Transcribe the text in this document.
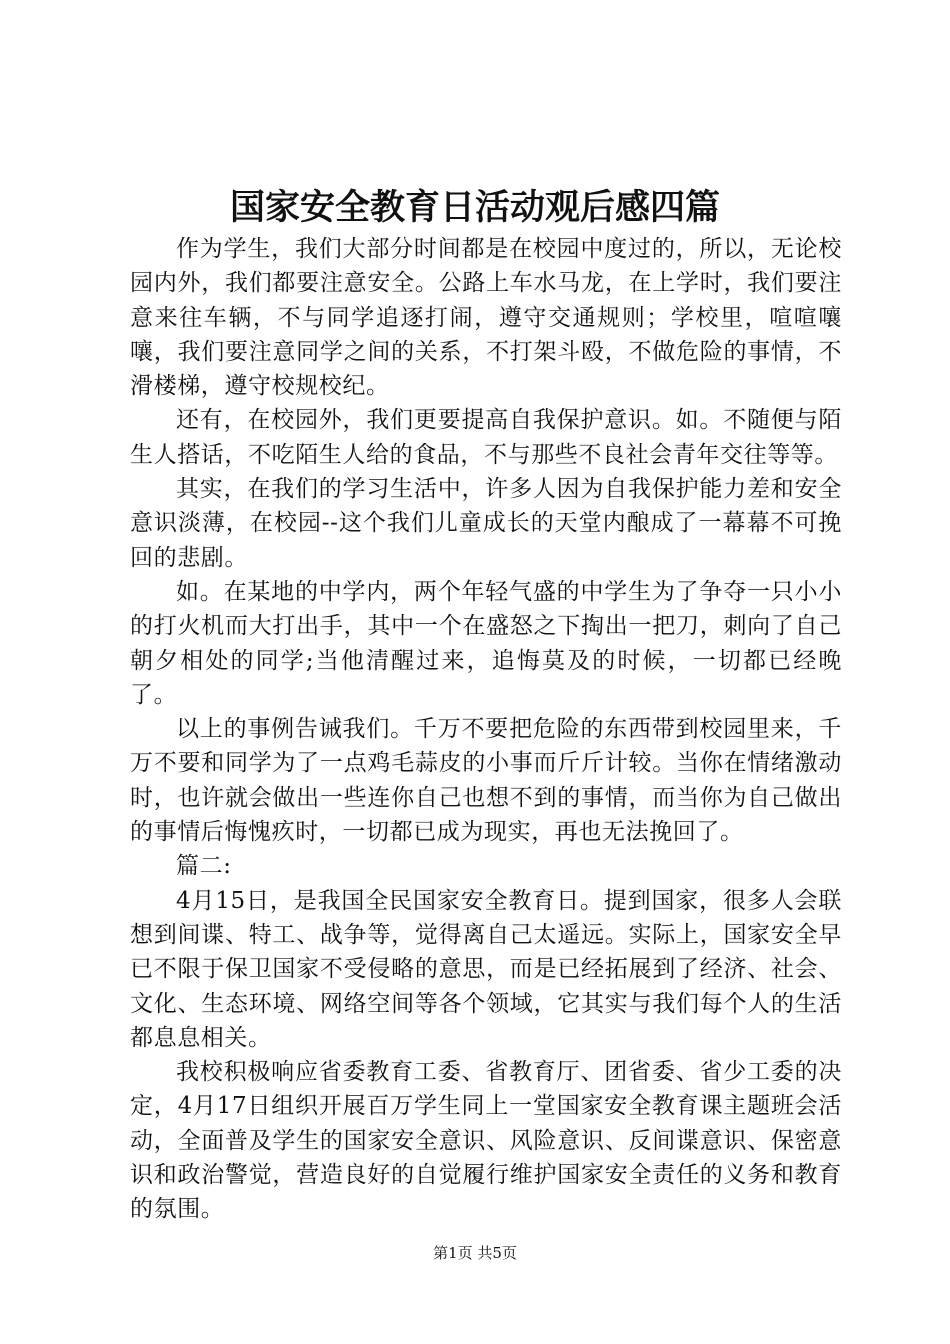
国家安全教育日活动观后感四篇

作为学生，我们大部分时间都是在校园中度过的，所以，无论校园内外，我们都要注意安全。公路上车水马龙，在上学时，我们要注意来往车辆，不与同学追逐打闹，遵守交通规则；学校里，喧喧嚷嚷，我们要注意同学之间的关系，不打架斗殴，不做危险的事情，不滑楼梯，遵守校规校纪。

还有，在校园外，我们更要提高自我保护意识。如。不随便与陌生人搭话，不吃陌生人给的食品，不与那些不良社会青年交往等等。

其实，在我们的学习生活中，许多人因为自我保护能力差和安全意识淡薄，在校园--这个我们儿童成长的天堂内酿成了一幕幕不可挽回的悲剧。

如。在某地的中学内，两个年轻气盛的中学生为了争夺一只小小的打火机而大打出手，其中一个在盛怒之下掏出一把刀，刺向了自己朝夕相处的同学;当他清醒过来，追悔莫及的时候，一切都已经晚了。

以上的事例告诫我们。千万不要把危险的东西带到校园里来，千万不要和同学为了一点鸡毛蒜皮的小事而斤斤计较。当你在情绪激动时，也许就会做出一些连你自己也想不到的事情，而当你为自己做出的事情后悔愧疚时，一切都已成为现实，再也无法挽回了。

篇二:

4月15日，是我国全民国家安全教育日。提到国家，很多人会联想到间谍、特工、战争等，觉得离自己太遥远。实际上，国家安全早已不限于保卫国家不受侵略的意思，而是已经拓展到了经济、社会、文化、生态环境、网络空间等各个领域，它其实与我们每个人的生活都息息相关。

我校积极响应省委教育工委、省教育厅、团省委、省少工委的决定，4月17日组织开展百万学生同上一堂国家安全教育课主题班会活动，全面普及学生的国家安全意识、风险意识、反间谍意识、保密意识和政治警觉，营造良好的自觉履行维护国家安全责任的义务和教育的氛围。

第1页 共5页
